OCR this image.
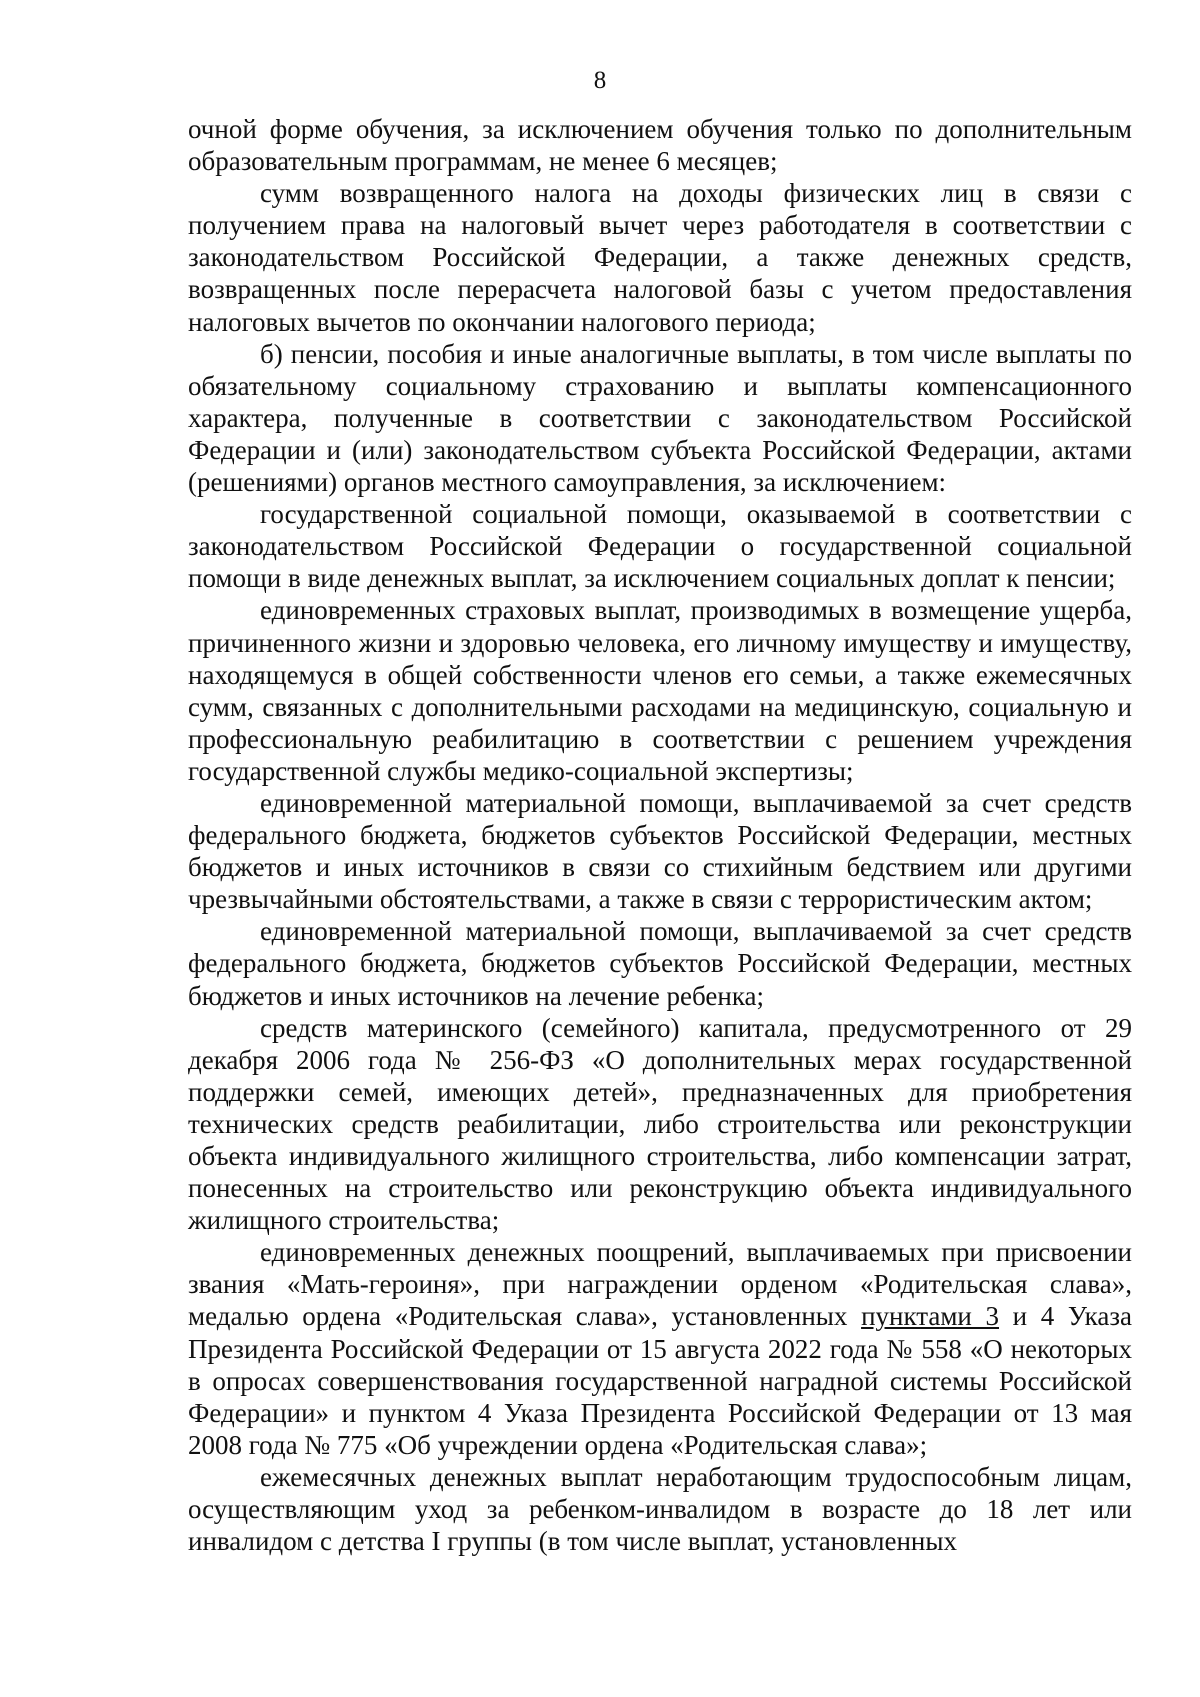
8

очной форме обучения, за исключением обучения только по дополнительным образовательным программам, не менее 6 месяцев;

сумм возвращенного налога на доходы физических лиц в связи с получением права на налоговый вычет через работодателя в соответствии с законодательством Российской Федерации, а также денежных средств, возвращенных после перерасчета налоговой базы с учетом предоставления налоговых вычетов по окончании налогового периода;

б) пенсии, пособия и иные аналогичные выплаты, в том числе выплаты по обязательному социальному страхованию и выплаты компенсационного характера, полученные в соответствии с законодательством Российской Федерации и (или) законодательством субъекта Российской Федерации, актами (решениями) органов местного самоуправления, за исключением:

государственной социальной помощи, оказываемой в соответствии с законодательством Российской Федерации о государственной социальной помощи в виде денежных выплат, за исключением социальных доплат к пенсии;

единовременных страховых выплат, производимых в возмещение ущерба, причиненного жизни и здоровью человека, его личному имуществу и имуществу, находящемуся в общей собственности членов его семьи, а также ежемесячных сумм, связанных с дополнительными расходами на медицинскую, социальную и профессиональную реабилитацию в соответствии с решением учреждения государственной службы медико-социальной экспертизы;

единовременной материальной помощи, выплачиваемой за счет средств федерального бюджета, бюджетов субъектов Российской Федерации, местных бюджетов и иных источников в связи со стихийным бедствием или другими чрезвычайными обстоятельствами, а также в связи с террористическим актом;

единовременной материальной помощи, выплачиваемой за счет средств федерального бюджета, бюджетов субъектов Российской Федерации, местных бюджетов и иных источников на лечение ребенка;

средств материнского (семейного) капитала, предусмотренного от 29 декабря 2006 года № 256-ФЗ «О дополнительных мерах государственной поддержки семей, имеющих детей», предназначенных для приобретения технических средств реабилитации, либо строительства или реконструкции объекта индивидуального жилищного строительства, либо компенсации затрат, понесенных на строительство или реконструкцию объекта индивидуального жилищного строительства;

единовременных денежных поощрений, выплачиваемых при присвоении звания «Мать-героиня», при награждении орденом «Родительская слава», медалью ордена «Родительская слава», установленных пунктами 3 и 4 Указа Президента Российской Федерации от 15 августа 2022 года № 558 «О некоторых в опросах совершенствования государственной наградной системы Российской Федерации» и пунктом 4 Указа Президента Российской Федерации от 13 мая 2008 года № 775 «Об учреждении ордена «Родительская слава»;

ежемесячных денежных выплат неработающим трудоспособным лицам, осуществляющим уход за ребенком-инвалидом в возрасте до 18 лет или инвалидом с детства I группы (в том числе выплат, установленных
